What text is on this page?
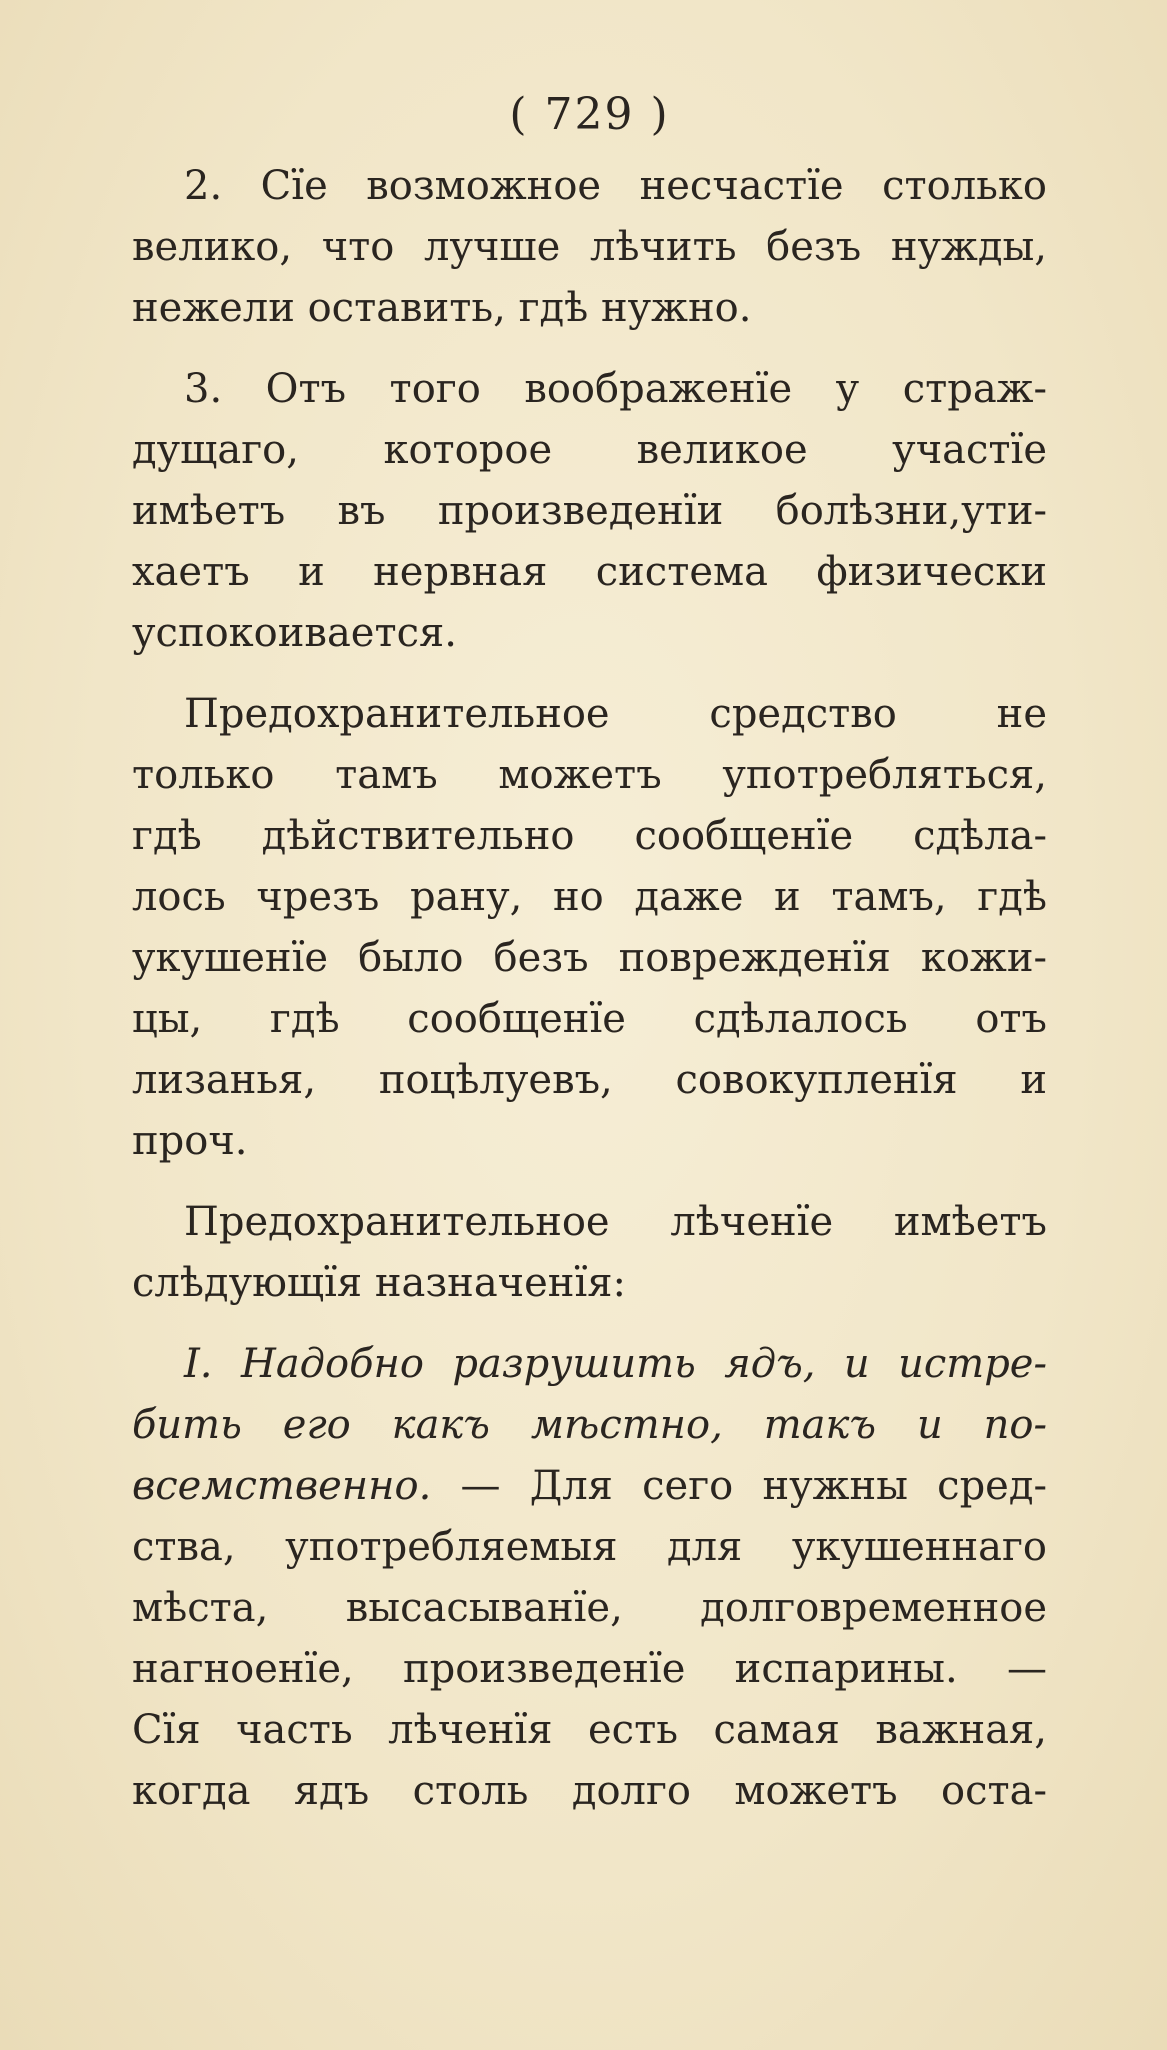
( 729 )
2. Сїе возможное несчастїе столько
велико, что лучше лѣчить безъ нужды,
нежели оставить, гдѣ нужно.
3. Отъ того воображенїе у страж-
дущаго, которое великое участїе
имѣетъ въ произведенїи болѣзни,ути-
хаетъ и нервная система физически
успокоивается.
Предохранительное средство не
только тамъ можетъ употребляться,
гдѣ дѣйствительно сообщенїе сдѣла-
лось чрезъ рану, но даже и тамъ, гдѣ
укушенїе было безъ поврежденїя кожи-
цы, гдѣ сообщенїе сдѣлалось отъ
лизанья, поцѣлуевъ, совокупленїя и
проч.
Предохранительное лѣченїе имѣетъ
слѣдующїя назначенїя:
I. Надобно разрушить ядъ, и истре-
бить его какъ мѣстно, такъ и по-
всемственно. — Для сего нужны сред-
ства, употребляемыя для укушеннаго
мѣста, высасыванїе, долговременное
нагноенїе, произведенїе испарины. —
Сїя часть лѣченїя есть самая важная,
когда ядъ столь долго можетъ оста-
